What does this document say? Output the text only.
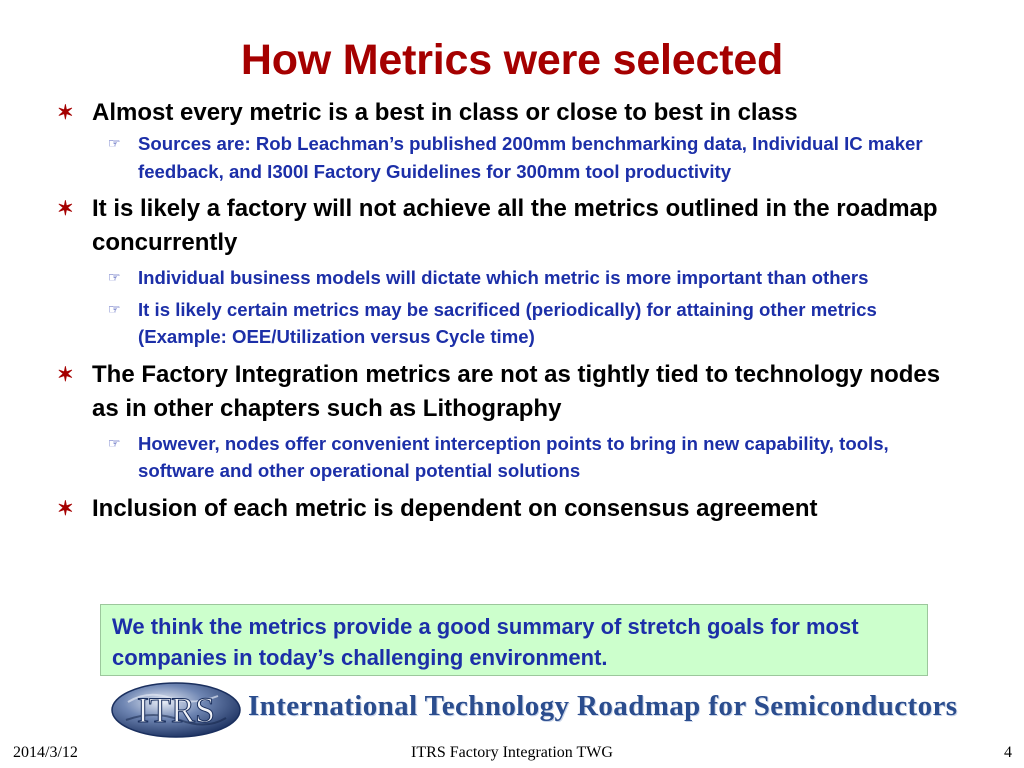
How Metrics were selected
✶ Almost every metric is a best in class or close to best in class
☞ Sources are: Rob Leachman’s published 200mm benchmarking data, Individual IC maker feedback, and I300I Factory Guidelines for 300mm tool productivity
✶ It is likely a factory will not achieve all the metrics outlined in the roadmap concurrently
☞ Individual business models will dictate which metric is more important than others
☞ It is likely certain metrics may be sacrificed (periodically) for attaining other metrics (Example: OEE/Utilization versus Cycle time)
✶ The Factory Integration metrics are not as tightly tied to technology nodes as in other chapters such as Lithography
☞ However, nodes offer convenient interception points to bring in new capability, tools, software and other operational potential solutions
✶ Inclusion of each metric is dependent on consensus agreement
We think the metrics provide a good summary of stretch goals for most companies in today’s challenging environment.
ITRS International Technology Roadmap for Semiconductors
2014/3/12	ITRS Factory Integration TWG	4
